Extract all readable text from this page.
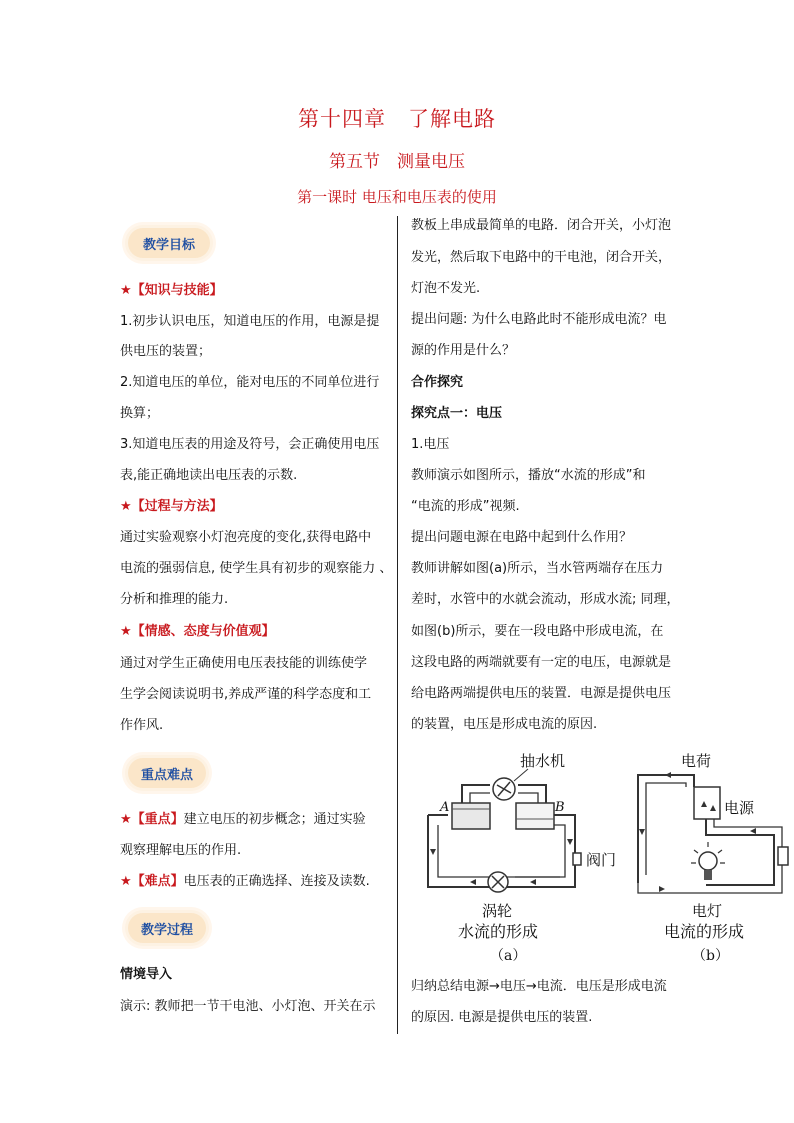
第十四章　了解电路
第五节　测量电压
第一课时 电压和电压表的使用
教学目标
★【知识与技能】
1.初步认识电压，知道电压的作用，电源是提
供电压的装置；
2.知道电压的单位，能对电压的不同单位进行
换算；
3.知道电压表的用途及符号，会正确使用电压
表,能正确地读出电压表的示数.
★【过程与方法】
通过实验观察小灯泡亮度的变化,获得电路中
电流的强弱信息, 使学生具有初步的观察能力 、
分析和推理的能力.
★【情感、态度与价值观】
通过对学生正确使用电压表技能的训练使学
生学会阅读说明书,养成严谨的科学态度和工
作作风.
重点难点
★【重点】建立电压的初步概念；通过实验
观察理解电压的作用.
★【难点】电压表的正确选择、连接及读数.
教学过程
情境导入
演示: 教师把一节干电池、小灯泡、开关在示
教板上串成最简单的电路．闭合开关，小灯泡
发光，然后取下电路中的干电池，闭合开关，
灯泡不发光.
提出问题: 为什么电路此时不能形成电流？电
源的作用是什么？
合作探究
探究点一：电压
1.电压
教师演示如图所示，播放“水流的形成”和
“电流的形成”视频.
提出问题电源在电路中起到什么作用？
教师讲解如图(a)所示，当水管两端存在压力
差时，水管中的水就会流动，形成水流; 同理，
如图(b)所示，要在一段电路中形成电流，在
这段电路的两端就要有一定的电压，电源就是
给电路两端提供电压的装置．电源是提供电压
的装置，电压是形成电流的原因.
抽水机
A	B
阀门
涡轮
水流的形成
（a）
电荷
电源
电灯
电流的形成
（b）
归纳总结电源→电压→电流．电压是形成电流
的原因. 电源是提供电压的装置.
